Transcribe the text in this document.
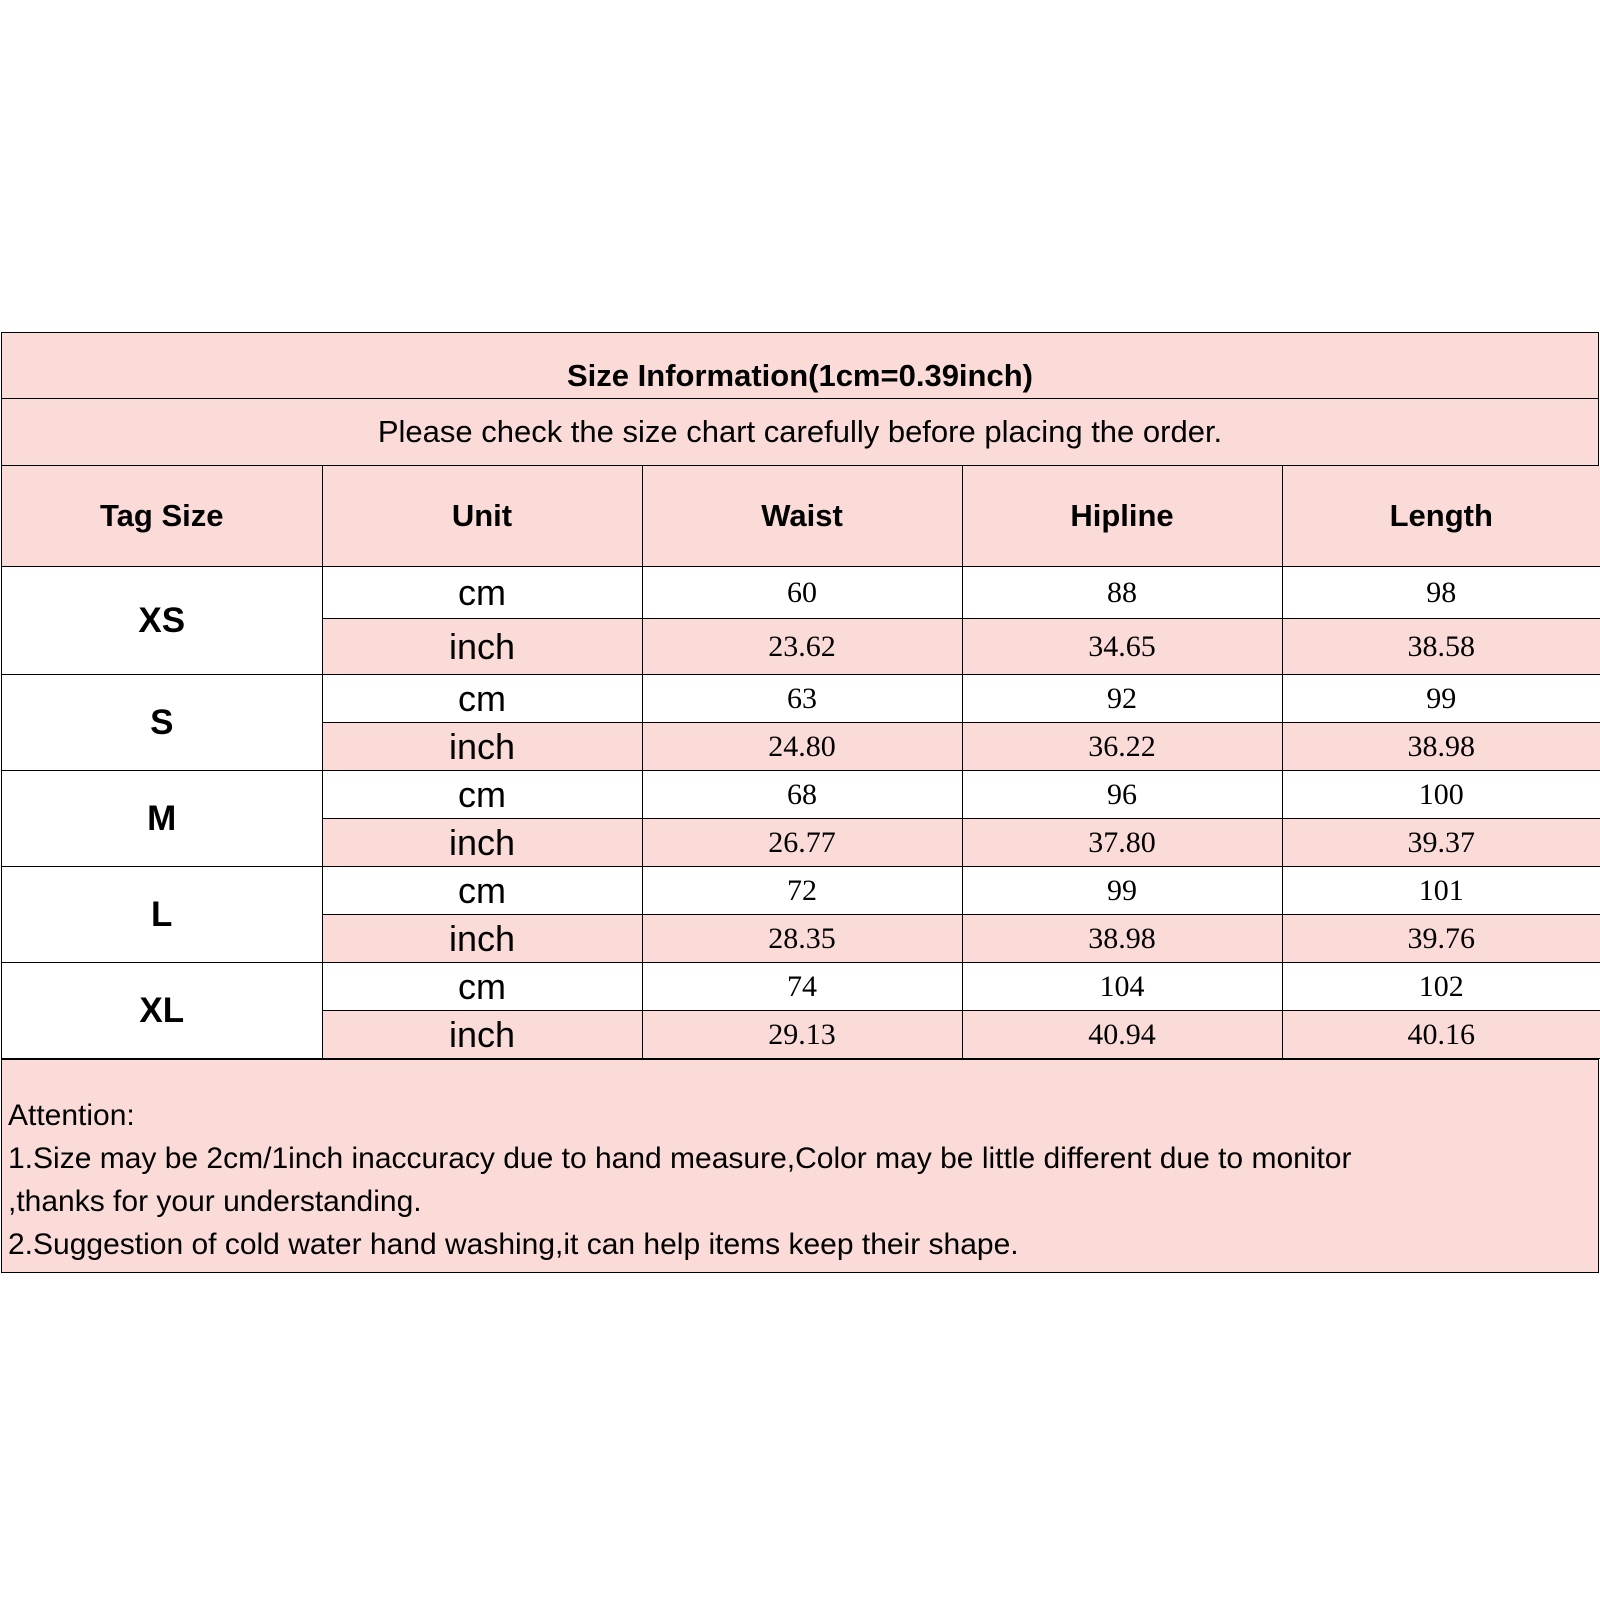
Size Information(1cm=0.39inch)
Please check the size chart carefully before placing the order.
Tag Size	Unit	Waist	Hipline	Length
XS	cm	60	88	98
	inch	23.62	34.65	38.58
S	cm	63	92	99
	inch	24.80	36.22	38.98
M	cm	68	96	100
	inch	26.77	37.80	39.37
L	cm	72	99	101
	inch	28.35	38.98	39.76
XL	cm	74	104	102
	inch	29.13	40.94	40.16
Attention:
1.Size may be 2cm/1inch inaccuracy due to hand measure,Color may be little different due to monitor
,thanks for your understanding.
2.Suggestion of cold water hand washing,it can help items keep their shape.
